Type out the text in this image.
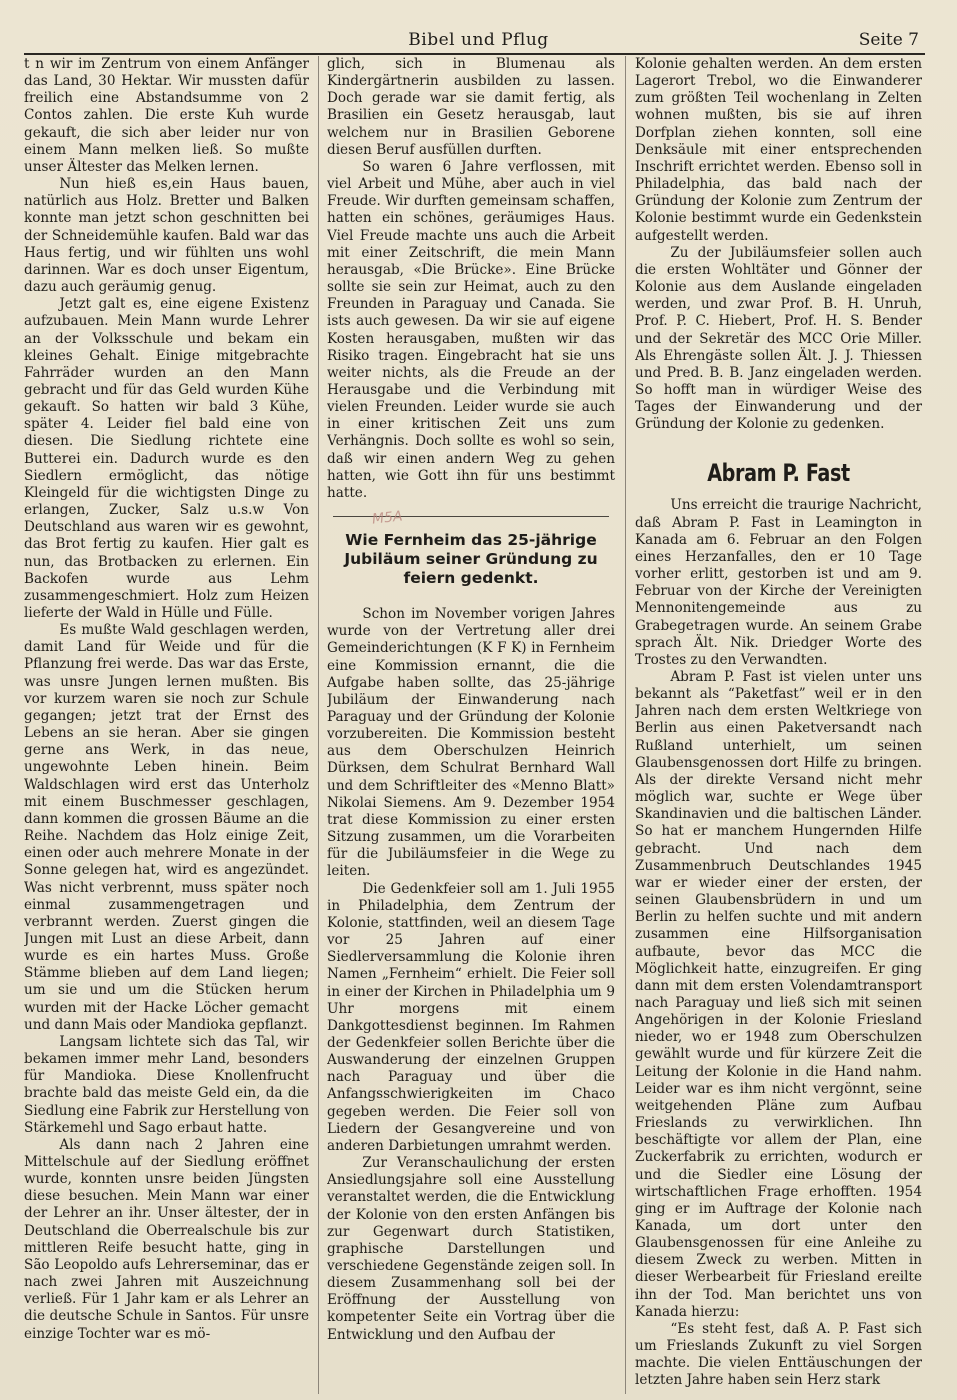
Bibel und Pflug	Seite 7

t n wir im Zentrum von einem Anfänger das Land, 30 Hektar. Wir mussten dafür freilich eine Abstandsumme von 2 Contos zahlen. Die erste Kuh wurde gekauft, die sich aber leider nur von einem Mann melken ließ. So mußte unser Ältester das Melken lernen.

Nun hieß es,ein Haus bauen, natürlich aus Holz. Bretter und Balken konnte man jetzt schon geschnitten bei der Schneidemühle kaufen. Bald war das Haus fertig, und wir fühlten uns wohl darinnen. War es doch unser Eigentum, dazu auch geräumig genug.

Jetzt galt es, eine eigene Existenz aufzubauen. Mein Mann wurde Lehrer an der Volksschule und bekam ein kleines Gehalt. Einige mitgebrachte Fahrräder wurden an den Mann gebracht und für das Geld wurden Kühe gekauft. So hatten wir bald 3 Kühe, später 4. Leider fiel bald eine von diesen. Die Siedlung richtete eine Butterei ein. Dadurch wurde es den Siedlern ermöglicht, das nötige Kleingeld für die wichtigsten Dinge zu erlangen, Zucker, Salz u.s.w Von Deutschland aus waren wir es gewohnt, das Brot fertig zu kaufen. Hier galt es nun, das Brotbacken zu erlernen. Ein Backofen wurde aus Lehm zusammengeschmiert. Holz zum Heizen lieferte der Wald in Hülle und Fülle.

Es mußte Wald geschlagen werden, damit Land für Weide und für die Pflanzung frei werde. Das war das Erste, was unsre Jungen lernen mußten. Bis vor kurzem waren sie noch zur Schule gegangen; jetzt trat der Ernst des Lebens an sie heran. Aber sie gingen gerne ans Werk, in das neue, ungewohnte Leben hinein. Beim Waldschlagen wird erst das Unterholz mit einem Buschmesser geschlagen, dann kommen die grossen Bäume an die Reihe. Nachdem das Holz einige Zeit, einen oder auch mehrere Monate in der Sonne gelegen hat, wird es angezündet. Was nicht verbrennt, muss später noch einmal zusammengetragen und verbrannt werden. Zuerst gingen die Jungen mit Lust an diese Arbeit, dann wurde es ein hartes Muss. Große Stämme blieben auf dem Land liegen; um sie und um die Stücken herum wurden mit der Hacke Löcher gemacht und dann Mais oder Mandioka gepflanzt.

Langsam lichtete sich das Tal, wir bekamen immer mehr Land, besonders für Mandioka. Diese Knollenfrucht brachte bald das meiste Geld ein, da die Siedlung eine Fabrik zur Herstellung von Stärkemehl und Sago erbaut hatte.

Als dann nach 2 Jahren eine Mittelschule auf der Siedlung eröffnet wurde, konnten unsre beiden Jüngsten diese besuchen. Mein Mann war einer der Lehrer an ihr. Unser ältester, der in Deutschland die Oberrealschule bis zur mittleren Reife besucht hatte, ging in São Leopoldo aufs Lehrerseminar, das er nach zwei Jahren mit Auszeichnung verließ. Für 1 Jahr kam er als Lehrer an die deutsche Schule in Santos. Für unsre einzige Tochter war es mö-

glich, sich in Blumenau als Kindergärtnerin ausbilden zu lassen. Doch gerade war sie damit fertig, als Brasilien ein Gesetz herausgab, laut welchem nur in Brasilien Geborene diesen Beruf ausfüllen durften.

So waren 6 Jahre verflossen, mit viel Arbeit und Mühe, aber auch in viel Freude. Wir durften gemeinsam schaffen, hatten ein schönes, geräumiges Haus. Viel Freude machte uns auch die Arbeit mit einer Zeitschrift, die mein Mann herausgab, «Die Brücke». Eine Brücke sollte sie sein zur Heimat, auch zu den Freunden in Paraguay und Canada. Sie ists auch gewesen. Da wir sie auf eigene Kosten herausgaben, mußten wir das Risiko tragen. Eingebracht hat sie uns weiter nichts, als die Freude an der Herausgabe und die Verbindung mit vielen Freunden. Leider wurde sie auch in einer kritischen Zeit uns zum Verhängnis. Doch sollte es wohl so sein, daß wir einen andern Weg zu gehen hatten, wie Gott ihn für uns bestimmt hatte.

Wie Fernheim das 25-jährige Jubiläum seiner Gründung zu feiern gedenkt.

Schon im November vorigen Jahres wurde von der Vertretung aller drei Gemeinderichtungen (K F K) in Fernheim eine Kommission ernannt, die die Aufgabe haben sollte, das 25-jährige Jubiläum der Einwanderung nach Paraguay und der Gründung der Kolonie vorzubereiten. Die Kommission besteht aus dem Oberschulzen Heinrich Dürksen, dem Schulrat Bernhard Wall und dem Schriftleiter des «Menno Blatt» Nikolai Siemens. Am 9. Dezember 1954 trat diese Kommission zu einer ersten Sitzung zusammen, um die Vorarbeiten für die Jubiläumsfeier in die Wege zu leiten.

Die Gedenkfeier soll am 1. Juli 1955 in Philadelphia, dem Zentrum der Kolonie, stattfinden, weil an diesem Tage vor 25 Jahren auf einer Siedlerversammlung die Kolonie ihren Namen „Fernheim“ erhielt. Die Feier soll in einer der Kirchen in Philadelphia um 9 Uhr morgens mit einem Dankgottesdienst beginnen. Im Rahmen der Gedenkfeier sollen Berichte über die Auswanderung der einzelnen Gruppen nach Paraguay und über die Anfangsschwierigkeiten im Chaco gegeben werden. Die Feier soll von Liedern der Gesangvereine und von anderen Darbietungen umrahmt werden.

Zur Veranschaulichung der ersten Ansiedlungsjahre soll eine Ausstellung veranstaltet werden, die die Entwicklung der Kolonie von den ersten Anfängen bis zur Gegenwart durch Statistiken, graphische Darstellungen und verschiedene Gegenstände zeigen soll. In diesem Zusammenhang soll bei der Eröffnung der Ausstellung von kompetenter Seite ein Vortrag über die Entwicklung und den Aufbau der

Kolonie gehalten werden. An dem ersten Lagerort Trebol, wo die Einwanderer zum größten Teil wochenlang in Zelten wohnen mußten, bis sie auf ihren Dorfplan ziehen konnten, soll eine Denksäule mit einer entsprechenden Inschrift errichtet werden. Ebenso soll in Philadelphia, das bald nach der Gründung der Kolonie zum Zentrum der Kolonie bestimmt wurde ein Gedenkstein aufgestellt werden.

Zu der Jubiläumsfeier sollen auch die ersten Wohltäter und Gönner der Kolonie aus dem Auslande eingeladen werden, und zwar Prof. B. H. Unruh, Prof. P. C. Hiebert, Prof. H. S. Bender und der Sekretär des MCC Orie Miller. Als Ehrengäste sollen Ält. J. J. Thiessen und Pred. B. B. Janz eingeladen werden. So hofft man in würdiger Weise des Tages der Einwanderung und der Gründung der Kolonie zu gedenken.

Abram P. Fast

Uns erreicht die traurige Nachricht, daß Abram P. Fast in Leamington in Kanada am 6. Februar an den Folgen eines Herzanfalles, den er 10 Tage vorher erlitt, gestorben ist und am 9. Februar von der Kirche der Vereinigten Mennonitengemeinde aus zu Grabegetragen wurde. An seinem Grabe sprach Ält. Nik. Driedger Worte des Trostes zu den Verwandten.

Abram P. Fast ist vielen unter uns bekannt als “Paketfast” weil er in den Jahren nach dem ersten Weltkriege von Berlin aus einen Paketversandt nach Rußland unterhielt, um seinen Glaubensgenossen dort Hilfe zu bringen. Als der direkte Versand nicht mehr möglich war, suchte er Wege über Skandinavien und die baltischen Länder. So hat er manchem Hungernden Hilfe gebracht. Und nach dem Zusammenbruch Deutschlandes 1945 war er wieder einer der ersten, der seinen Glaubensbrüdern in und um Berlin zu helfen suchte und mit andern zusammen eine Hilfsorganisation aufbaute, bevor das MCC die Möglichkeit hatte, einzugreifen. Er ging dann mit dem ersten Volendamtransport nach Paraguay und ließ sich mit seinen Angehörigen in der Kolonie Friesland nieder, wo er 1948 zum Oberschulzen gewählt wurde und für kürzere Zeit die Leitung der Kolonie in die Hand nahm. Leider war es ihm nicht vergönnt, seine weitgehenden Pläne zum Aufbau Frieslands zu verwirklichen. Ihn beschäftigte vor allem der Plan, eine Zuckerfabrik zu errichten, wodurch er und die Siedler eine Lösung der wirtschaftlichen Frage erhofften. 1954 ging er im Auftrage der Kolonie nach Kanada, um dort unter den Glaubensgenossen für eine Anleihe zu diesem Zweck zu werben. Mitten in dieser Werbearbeit für Friesland ereilte ihn der Tod. Man berichtet uns von Kanada hierzu:

“Es steht fest, daß A. P. Fast sich um Frieslands Zukunft zu viel Sorgen machte. Die vielen Enttäuschungen der letzten Jahre haben sein Herz stark

M5A
